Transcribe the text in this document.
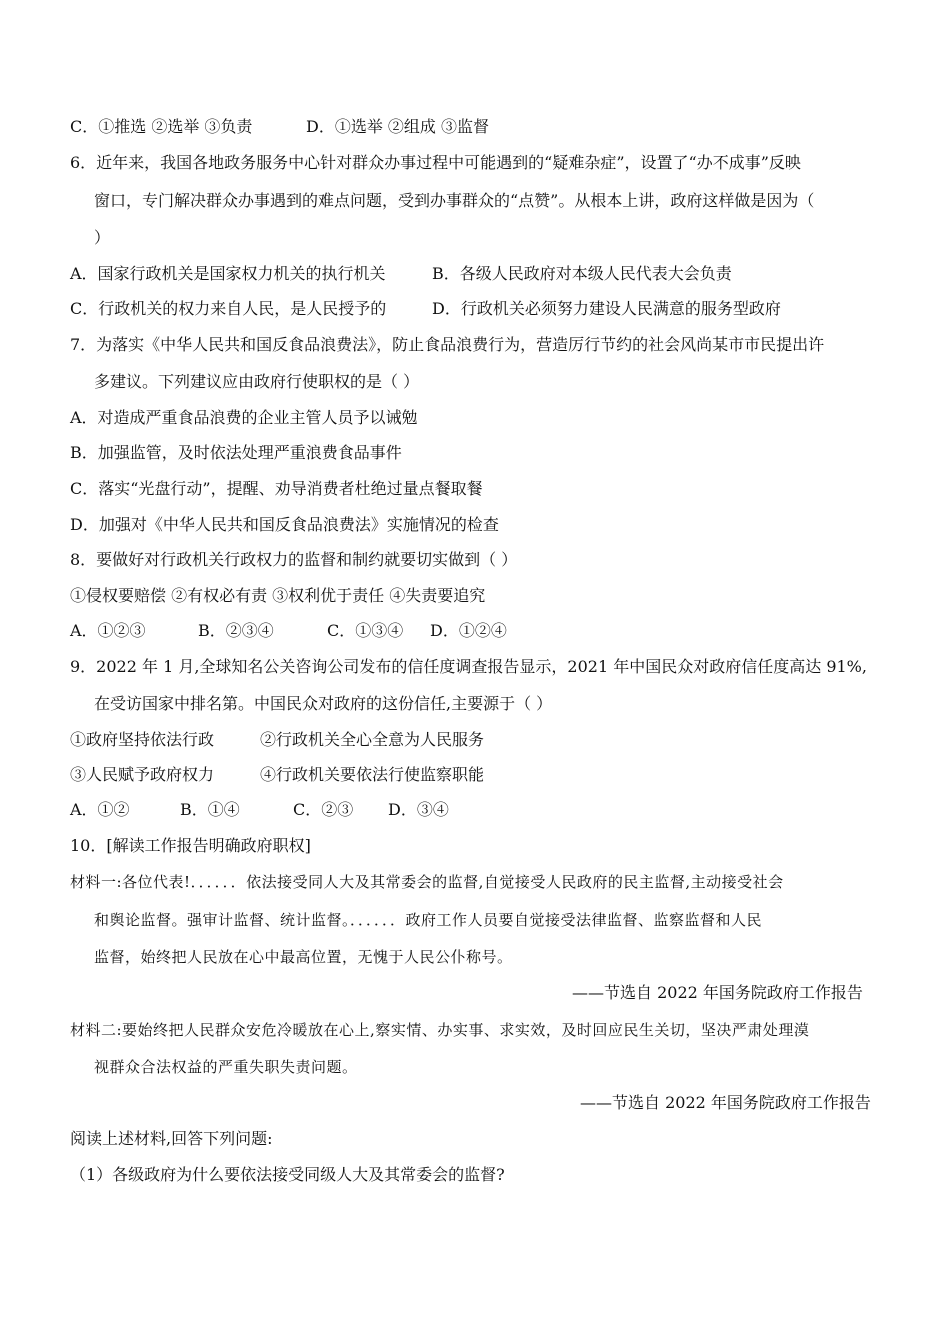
C．①推选 ②选举 ③负责	D．①选举 ②组成 ③监督
6．近年来，我国各地政务服务中心针对群众办事过程中可能遇到的“疑难杂症”，设置了“办不成事”反映
窗口，专门解决群众办事遇到的难点问题，受到办事群众的“点赞”。从根本上讲，政府这样做是因为（
）
A．国家行政机关是国家权力机关的执行机关	B．各级人民政府对本级人民代表大会负责
C．行政机关的权力来自人民，是人民授予的	D．行政机关必须努力建设人民满意的服务型政府
7．为落实《中华人民共和国反食品浪费法》，防止食品浪费行为，营造厉行节约的社会风尚某市市民提出许
多建议。下列建议应由政府行使职权的是（ ）
A．对造成严重食品浪费的企业主管人员予以诫勉
B．加强监管，及时依法处理严重浪费食品事件
C．落实“光盘行动”，提醒、劝导消费者杜绝过量点餐取餐
D．加强对《中华人民共和国反食品浪费法》实施情况的检查
8．要做好对行政机关行政权力的监督和制约就要切实做到（ ）
①侵权要赔偿 ②有权必有责 ③权利优于责任 ④失责要追究
A．①②③	B．②③④	C．①③④ D．①②④
9．2022 年 1 月,全球知名公关咨询公司发布的信任度调查报告显示，2021 年中国民众对政府信任度高达 91%,
在受访国家中排名第。中国民众对政府的这份信任,主要源于（ ）
①政府坚持依法行政	②行政机关全心全意为人民服务
③人民赋予政府权力	④行政机关要依法行使监察职能
A．①②	B．①④	C．②③ D．③④
10．[解读工作报告明确政府职权]
材料一:各位代表!．．．．．．依法接受同人大及其常委会的监督,自觉接受人民政府的民主监督,主动接受社会
和舆论监督。强审计监督、统计监督。．．．．．．政府工作人员要自觉接受法律监督、监察监督和人民
监督，始终把人民放在心中最高位置，无愧于人民公仆称号。
——节选自 2022 年国务院政府工作报告
材料二:要始终把人民群众安危冷暖放在心上,察实情、办实事、求实效，及时回应民生关切，坚决严肃处理漠
视群众合法权益的严重失职失责问题。
——节选自 2022 年国务院政府工作报告
阅读上述材料,回答下列问题:
（1）各级政府为什么要依法接受同级人大及其常委会的监督?
